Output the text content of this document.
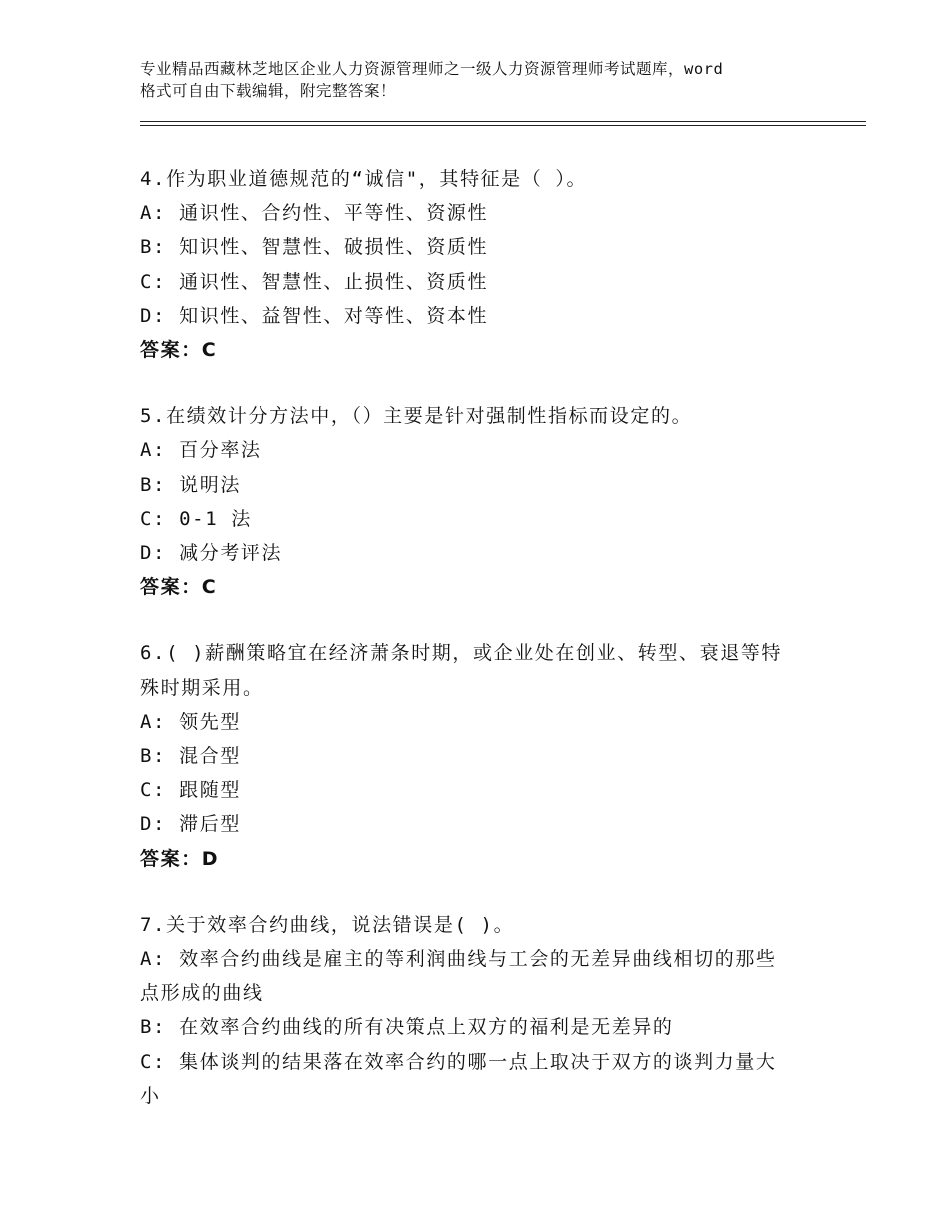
专业精品西藏林芝地区企业人力资源管理师之一级人力资源管理师考试题库，word
格式可自由下载编辑，附完整答案！
4.作为职业道德规范的“诚信"，其特征是（ ）。
A: 通识性、合约性、平等性、资源性
B: 知识性、智慧性、破损性、资质性
C: 通识性、智慧性、止损性、资质性
D: 知识性、益智性、对等性、资本性
答案：C
5.在绩效计分方法中，（）主要是针对强制性指标而设定的。
A: 百分率法
B: 说明法
C: 0-1 法
D: 减分考评法
答案：C
6.( )薪酬策略宜在经济萧条时期，或企业处在创业、转型、衰退等特
殊时期采用。
A: 领先型
B: 混合型
C: 跟随型
D: 滞后型
答案：D
7.关于效率合约曲线，说法错误是( )。
A: 效率合约曲线是雇主的等利润曲线与工会的无差异曲线相切的那些
点形成的曲线
B: 在效率合约曲线的所有决策点上双方的福利是无差异的
C: 集体谈判的结果落在效率合约的哪一点上取决于双方的谈判力量大
小
